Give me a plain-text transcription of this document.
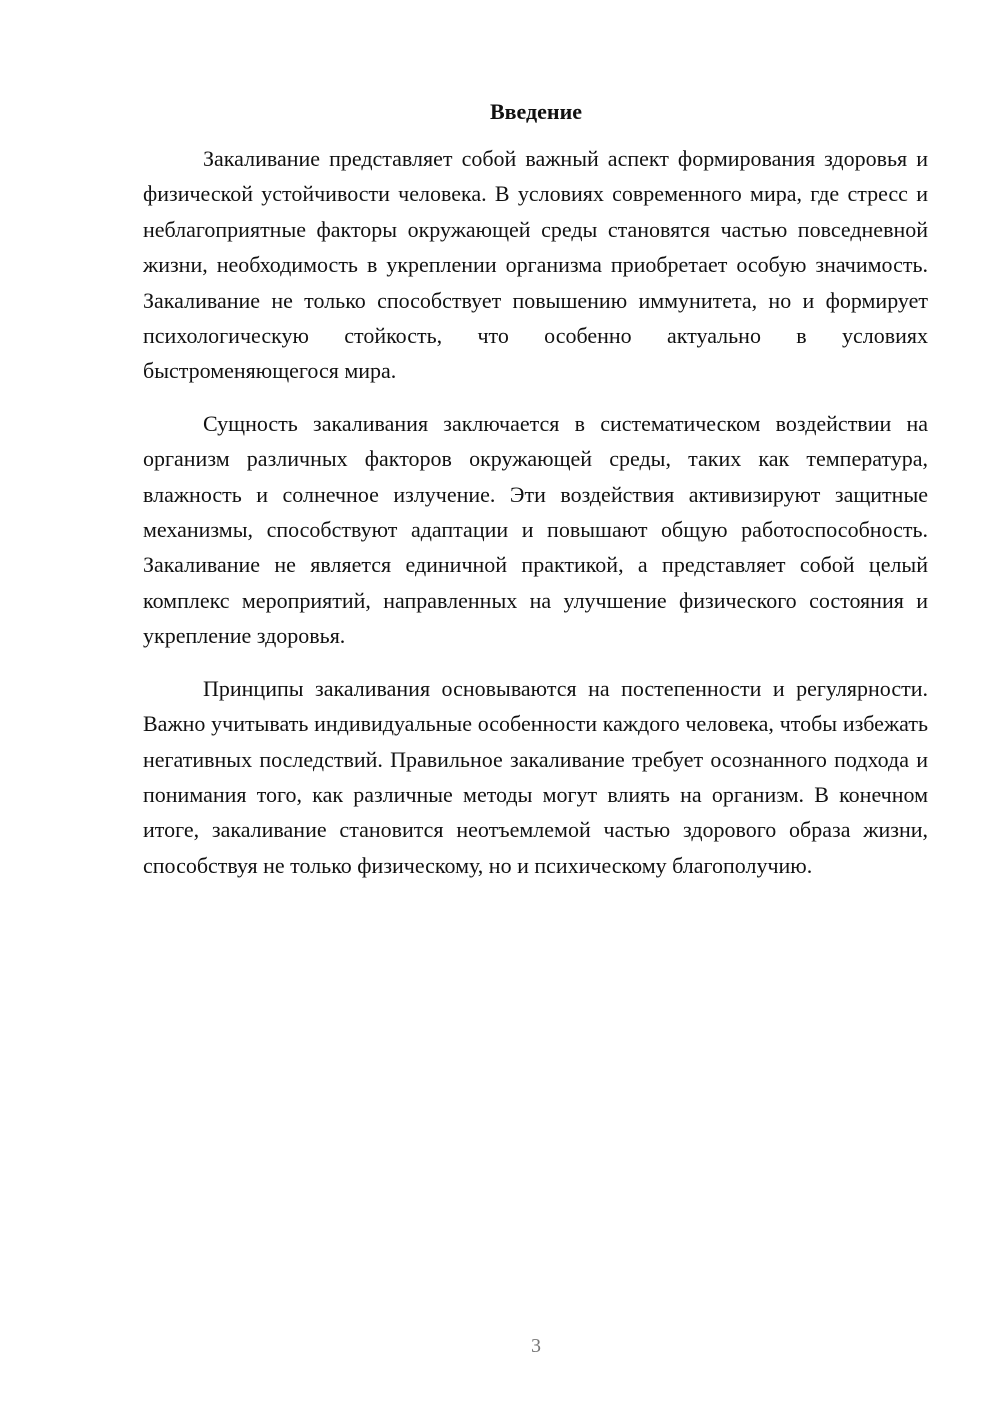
Введение

Закаливание представляет собой важный аспект формирования здоровья и физической устойчивости человека. В условиях современного мира, где стресс и неблагоприятные факторы окружающей среды становятся частью повседневной жизни, необходимость в укреплении организма приобретает особую значимость. Закаливание не только способствует повышению иммунитета, но и формирует психологическую стойкость, что особенно актуально в условиях быстроменяющегося мира.

Сущность закаливания заключается в систематическом воздействии на организм различных факторов окружающей среды, таких как температура, влажность и солнечное излучение. Эти воздействия активизируют защитные механизмы, способствуют адаптации и повышают общую работоспособность. Закаливание не является единичной практикой, а представляет собой целый комплекс мероприятий, направленных на улучшение физического состояния и укрепление здоровья.

Принципы закаливания основываются на постепенности и регулярности. Важно учитывать индивидуальные особенности каждого человека, чтобы избежать негативных последствий. Правильное закаливание требует осознанного подхода и понимания того, как различные методы могут влиять на организм. В конечном итоге, закаливание становится неотъемлемой частью здорового образа жизни, способствуя не только физическому, но и психическому благополучию.

3
